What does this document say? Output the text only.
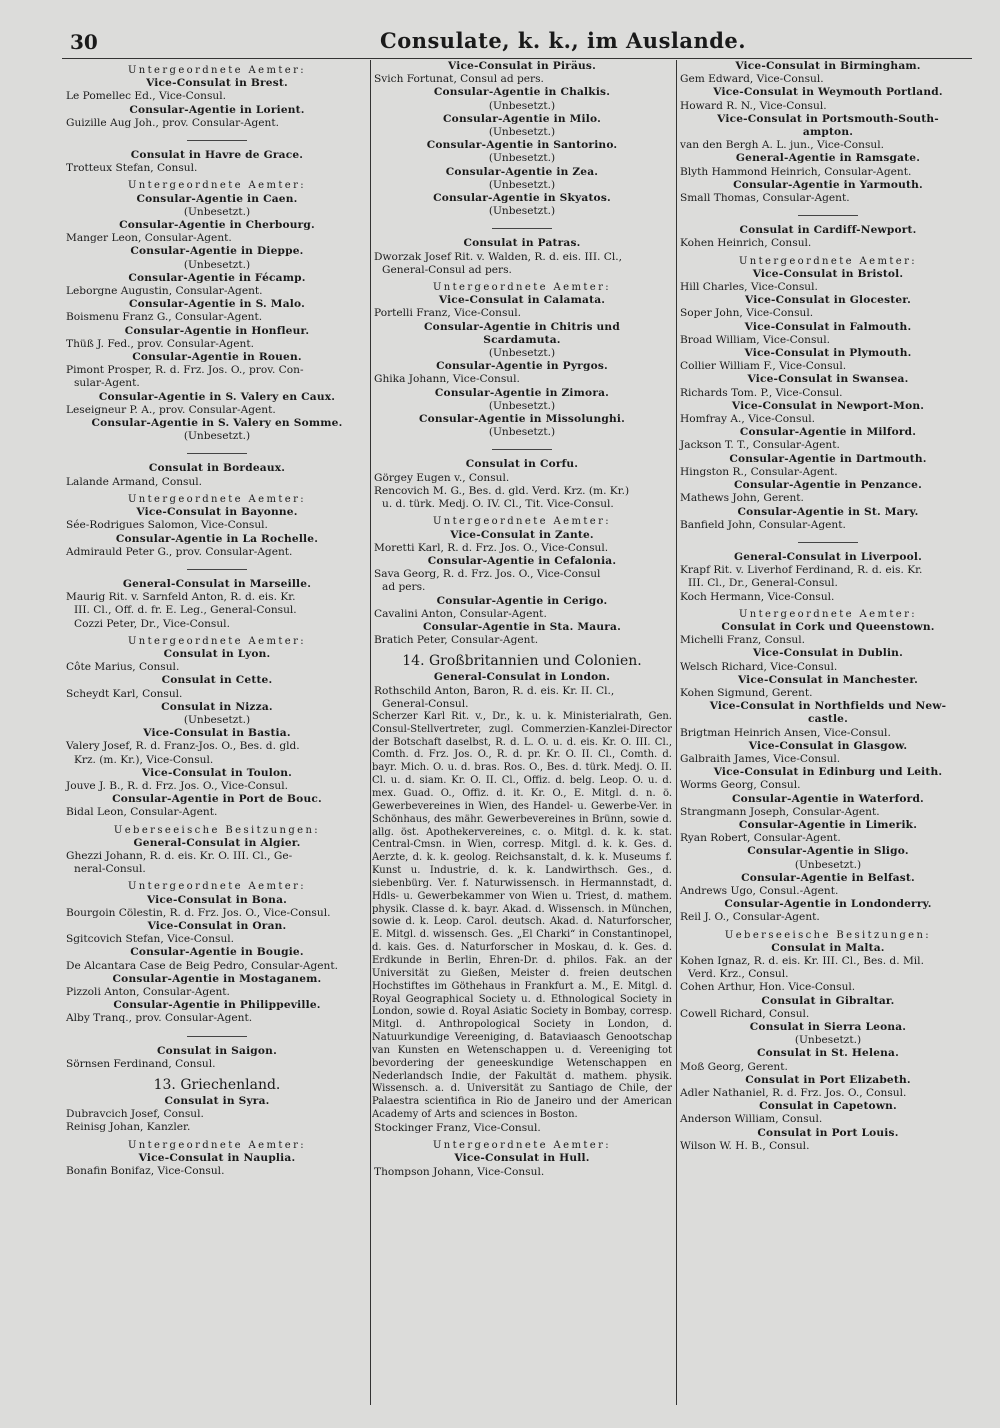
30	Consulate, k. k., im Auslande.
Untergeordnete Aemter:
Vice-Consulat in Brest.
Le Pomellec Ed., Vice-Consul.
Consular-Agentie in Lorient.
Guizille Aug Joh., prov. Consular-Agent.
Consulat in Havre de Grace.
Trotteux Stefan, Consul.
Untergeordnete Aemter:
Consular-Agentie in Caen.
(Unbesetzt.)
Consular-Agentie in Cherbourg.
Manger Leon, Consular-Agent.
Consular-Agentie in Dieppe.
(Unbesetzt.)
Consular-Agentie in Fécamp.
Leborgne Augustin, Consular-Agent.
Consular-Agentie in S. Malo.
Boismenu Franz G., Consular-Agent.
Consular-Agentie in Honfleur.
Thüß J. Fed., prov. Consular-Agent.
Consular-Agentie in Rouen.
Pimont Prosper, R. d. Frz. Jos. O., prov. Con-
sular-Agent.
Consular-Agentie in S. Valery en Caux.
Leseigneur P. A., prov. Consular-Agent.
Consular-Agentie in S. Valery en Somme.
(Unbesetzt.)
Consulat in Bordeaux.
Lalande Armand, Consul.
Untergeordnete Aemter:
Vice-Consulat in Bayonne.
Sée-Rodrigues Salomon, Vice-Consul.
Consular-Agentie in La Rochelle.
Admirauld Peter G., prov. Consular-Agent.
General-Consulat in Marseille.
Maurig Rit. v. Sarnfeld Anton, R. d. eis. Kr.
III. Cl., Off. d. fr. E. Leg., General-Consul.
Cozzi Peter, Dr., Vice-Consul.
Untergeordnete Aemter:
Consulat in Lyon.
Côte Marius, Consul.
Consulat in Cette.
Scheydt Karl, Consul.
Consulat in Nizza.
(Unbesetzt.)
Vice-Consulat in Bastia.
Valery Josef, R. d. Franz-Jos. O., Bes. d. gld.
Krz. (m. Kr.), Vice-Consul.
Vice-Consulat in Toulon.
Jouve J. B., R. d. Frz. Jos. O., Vice-Consul.
Consular-Agentie in Port de Bouc.
Bidal Leon, Consular-Agent.
Ueberseeische Besitzungen:
General-Consulat in Algier.
Ghezzi Johann, R. d. eis. Kr. O. III. Cl., Ge-
neral-Consul.
Untergeordnete Aemter:
Vice-Consulat in Bona.
Bourgoin Cölestin, R. d. Frz. Jos. O., Vice-Consul.
Vice-Consulat in Oran.
Sgitcovich Stefan, Vice-Consul.
Consular-Agentie in Bougie.
De Alcantara Case de Beig Pedro, Consular-Agent.
Consular-Agentie in Mostaganem.
Pizzoli Anton, Consular-Agent.
Consular-Agentie in Philippeville.
Alby Tranq., prov. Consular-Agent.
Consulat in Saigon.
Sörnsen Ferdinand, Consul.
13. Griechenland.
Consulat in Syra.
Dubravcich Josef, Consul.
Reinisg Johan, Kanzler.
Untergeordnete Aemter:
Vice-Consulat in Nauplia.
Bonafin Bonifaz, Vice-Consul.
Vice-Consulat in Piräus.
Svich Fortunat, Consul ad pers.
Consular-Agentie in Chalkis.
(Unbesetzt.)
Consular-Agentie in Milo.
(Unbesetzt.)
Consular-Agentie in Santorino.
(Unbesetzt.)
Consular-Agentie in Zea.
(Unbesetzt.)
Consular-Agentie in Skyatos.
(Unbesetzt.)
Consulat in Patras.
Dworzak Josef Rit. v. Walden, R. d. eis. III. Cl.,
General-Consul ad pers.
Untergeordnete Aemter:
Vice-Consulat in Calamata.
Portelli Franz, Vice-Consul.
Consular-Agentie in Chitris und
Scardamuta.
(Unbesetzt.)
Consular-Agentie in Pyrgos.
Ghika Johann, Vice-Consul.
Consular-Agentie in Zimora.
(Unbesetzt.)
Consular-Agentie in Missolunghi.
(Unbesetzt.)
Consulat in Corfu.
Görgey Eugen v., Consul.
Rencovich M. G., Bes. d. gld. Verd. Krz. (m. Kr.)
u. d. türk. Medj. O. IV. Cl., Tit. Vice-Consul.
Untergeordnete Aemter:
Vice-Consulat in Zante.
Moretti Karl, R. d. Frz. Jos. O., Vice-Consul.
Consular-Agentie in Cefalonia.
Sava Georg, R. d. Frz. Jos. O., Vice-Consul
ad pers.
Consular-Agentie in Cerigo.
Cavalini Anton, Consular-Agent.
Consular-Agentie in Sta. Maura.
Bratich Peter, Consular-Agent.
14. Großbritannien und Colonien.
General-Consulat in London.
Rothschild Anton, Baron, R. d. eis. Kr. II. Cl.,
General-Consul.
Scherzer Karl Rit. v., Dr., k. u. k. Ministerialrath, Gen. Consul-Stellvertreter, zugl. Commerzien-Kanzlei-Director der Botschaft daselbst, R. d. L. O. u. d. eis. Kr. O. III. Cl., Comth. d. Frz. Jos. O., R. d. pr. Kr. O. II. Cl., Comth. d. bayr. Mich. O. u. d. bras. Ros. O., Bes. d. türk. Medj. O. II. Cl. u. d. siam. Kr. O. II. Cl., Offiz. d. belg. Leop. O. u. d. mex. Guad. O., Offiz. d. it. Kr. O., E. Mitgl. d. n. ö. Gewerbevereines in Wien, des Handel- u. Gewerbe-Ver. in Schönhaus, des mähr. Gewerbevereines in Brünn, sowie d. allg. öst. Apothekervereines, c. o. Mitgl. d. k. k. stat. Central-Cmsn. in Wien, corresp. Mitgl. d. k. k. Ges. d. Aerzte, d. k. k. geolog. Reichsanstalt, d. k. k. Museums f. Kunst u. Industrie, d. k. k. Landwirthsch. Ges., d. siebenbürg. Ver. f. Naturwissensch. in Hermannstadt, d. Hdls- u. Gewerbekammer von Wien u. Triest, d. mathem. physik. Classe d. k. bayr. Akad. d. Wissensch. in München, sowie d. k. Leop. Carol. deutsch. Akad. d. Naturforscher, E. Mitgl. d. wissensch. Ges. „El Charki“ in Constantinopel, d. kais. Ges. d. Naturforscher in Moskau, d. k. Ges. d. Erdkunde in Berlin, Ehren-Dr. d. philos. Fak. an der Universität zu Gießen, Meister d. freien deutschen Hochstiftes im Göthehaus in Frankfurt a. M., E. Mitgl. d. Royal Geographical Society u. d. Ethnological Society in London, sowie d. Royal Asiatic Society in Bombay, corresp. Mitgl. d. Anthropological Society in London, d. Natuurkundige Vereeniging, d. Bataviaasch Genootschap van Kunsten en Wetenschappen u. d. Vereeniging tot bevordering der geneeskundige Wetenschappen en Nederlandsch Indie, der Fakultät d. mathem. physik. Wissensch. a. d. Universität zu Santiago de Chile, der Palaestra scientifica in Rio de Janeiro und der American Academy of Arts and sciences in Boston.
Stockinger Franz, Vice-Consul.
Untergeordnete Aemter:
Vice-Consulat in Hull.
Thompson Johann, Vice-Consul.
Vice-Consulat in Birmingham.
Gem Edward, Vice-Consul.
Vice-Consulat in Weymouth Portland.
Howard R. N., Vice-Consul.
Vice-Consulat in Portsmouth-South-
ampton.
van den Bergh A. L. jun., Vice-Consul.
General-Agentie in Ramsgate.
Blyth Hammond Heinrich, Consular-Agent.
Consular-Agentie in Yarmouth.
Small Thomas, Consular-Agent.
Consulat in Cardiff-Newport.
Kohen Heinrich, Consul.
Untergeordnete Aemter:
Vice-Consulat in Bristol.
Hill Charles, Vice-Consul.
Vice-Consulat in Glocester.
Soper John, Vice-Consul.
Vice-Consulat in Falmouth.
Broad William, Vice-Consul.
Vice-Consulat in Plymouth.
Collier William F., Vice-Consul.
Vice-Consulat in Swansea.
Richards Tom. P., Vice-Consul.
Vice-Consulat in Newport-Mon.
Homfray A., Vice-Consul.
Consular-Agentie in Milford.
Jackson T. T., Consular-Agent.
Consular-Agentie in Dartmouth.
Hingston R., Consular-Agent.
Consular-Agentie in Penzance.
Mathews John, Gerent.
Consular-Agentie in St. Mary.
Banfield John, Consular-Agent.
General-Consulat in Liverpool.
Krapf Rit. v. Liverhof Ferdinand, R. d. eis. Kr.
III. Cl., Dr., General-Consul.
Koch Hermann, Vice-Consul.
Untergeordnete Aemter:
Consulat in Cork und Queenstown.
Michelli Franz, Consul.
Vice-Consulat in Dublin.
Welsch Richard, Vice-Consul.
Vice-Consulat in Manchester.
Kohen Sigmund, Gerent.
Vice-Consulat in Northfields und New-
castle.
Brigtman Heinrich Ansen, Vice-Consul.
Vice-Consulat in Glasgow.
Galbraith James, Vice-Consul.
Vice-Consulat in Edinburg und Leith.
Worms Georg, Consul.
Consular-Agentie in Waterford.
Strangmann Joseph, Consular-Agent.
Consular-Agentie in Limerik.
Ryan Robert, Consular-Agent.
Consular-Agentie in Sligo.
(Unbesetzt.)
Consular-Agentie in Belfast.
Andrews Ugo, Consul.-Agent.
Consular-Agentie in Londonderry.
Reil J. O., Consular-Agent.
Ueberseeische Besitzungen:
Consulat in Malta.
Kohen Ignaz, R. d. eis. Kr. III. Cl., Bes. d. Mil.
Verd. Krz., Consul.
Cohen Arthur, Hon. Vice-Consul.
Consulat in Gibraltar.
Cowell Richard, Consul.
Consulat in Sierra Leona.
(Unbesetzt.)
Consulat in St. Helena.
Moß Georg, Gerent.
Consulat in Port Elizabeth.
Adler Nathaniel, R. d. Frz. Jos. O., Consul.
Consulat in Capetown.
Anderson William, Consul.
Consulat in Port Louis.
Wilson W. H. B., Consul.
